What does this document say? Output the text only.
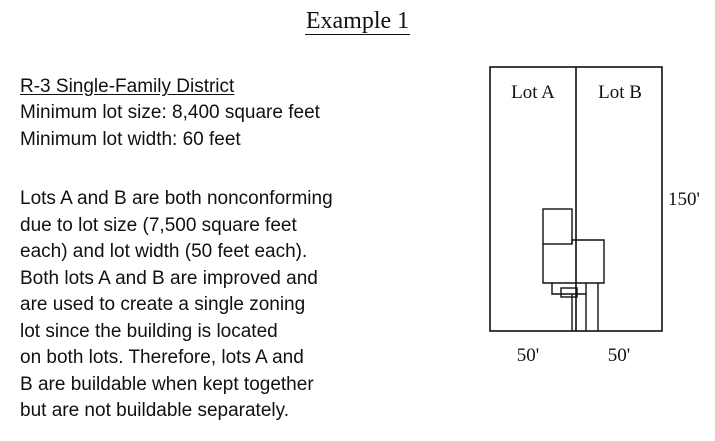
Example 1
R-3 Single-Family District
Minimum lot size: 8,400 square feet
Minimum lot width: 60 feet
Lots A and B are both nonconforming
due to lot size (7,500 square feet
each) and lot width (50 feet each).
Both lots A and B are improved and
are used to create a single zoning
lot since the building is located
on both lots. Therefore, lots A and
B are buildable when kept together
but are not buildable separately.
Lot A Lot B
150'
50'	50'
